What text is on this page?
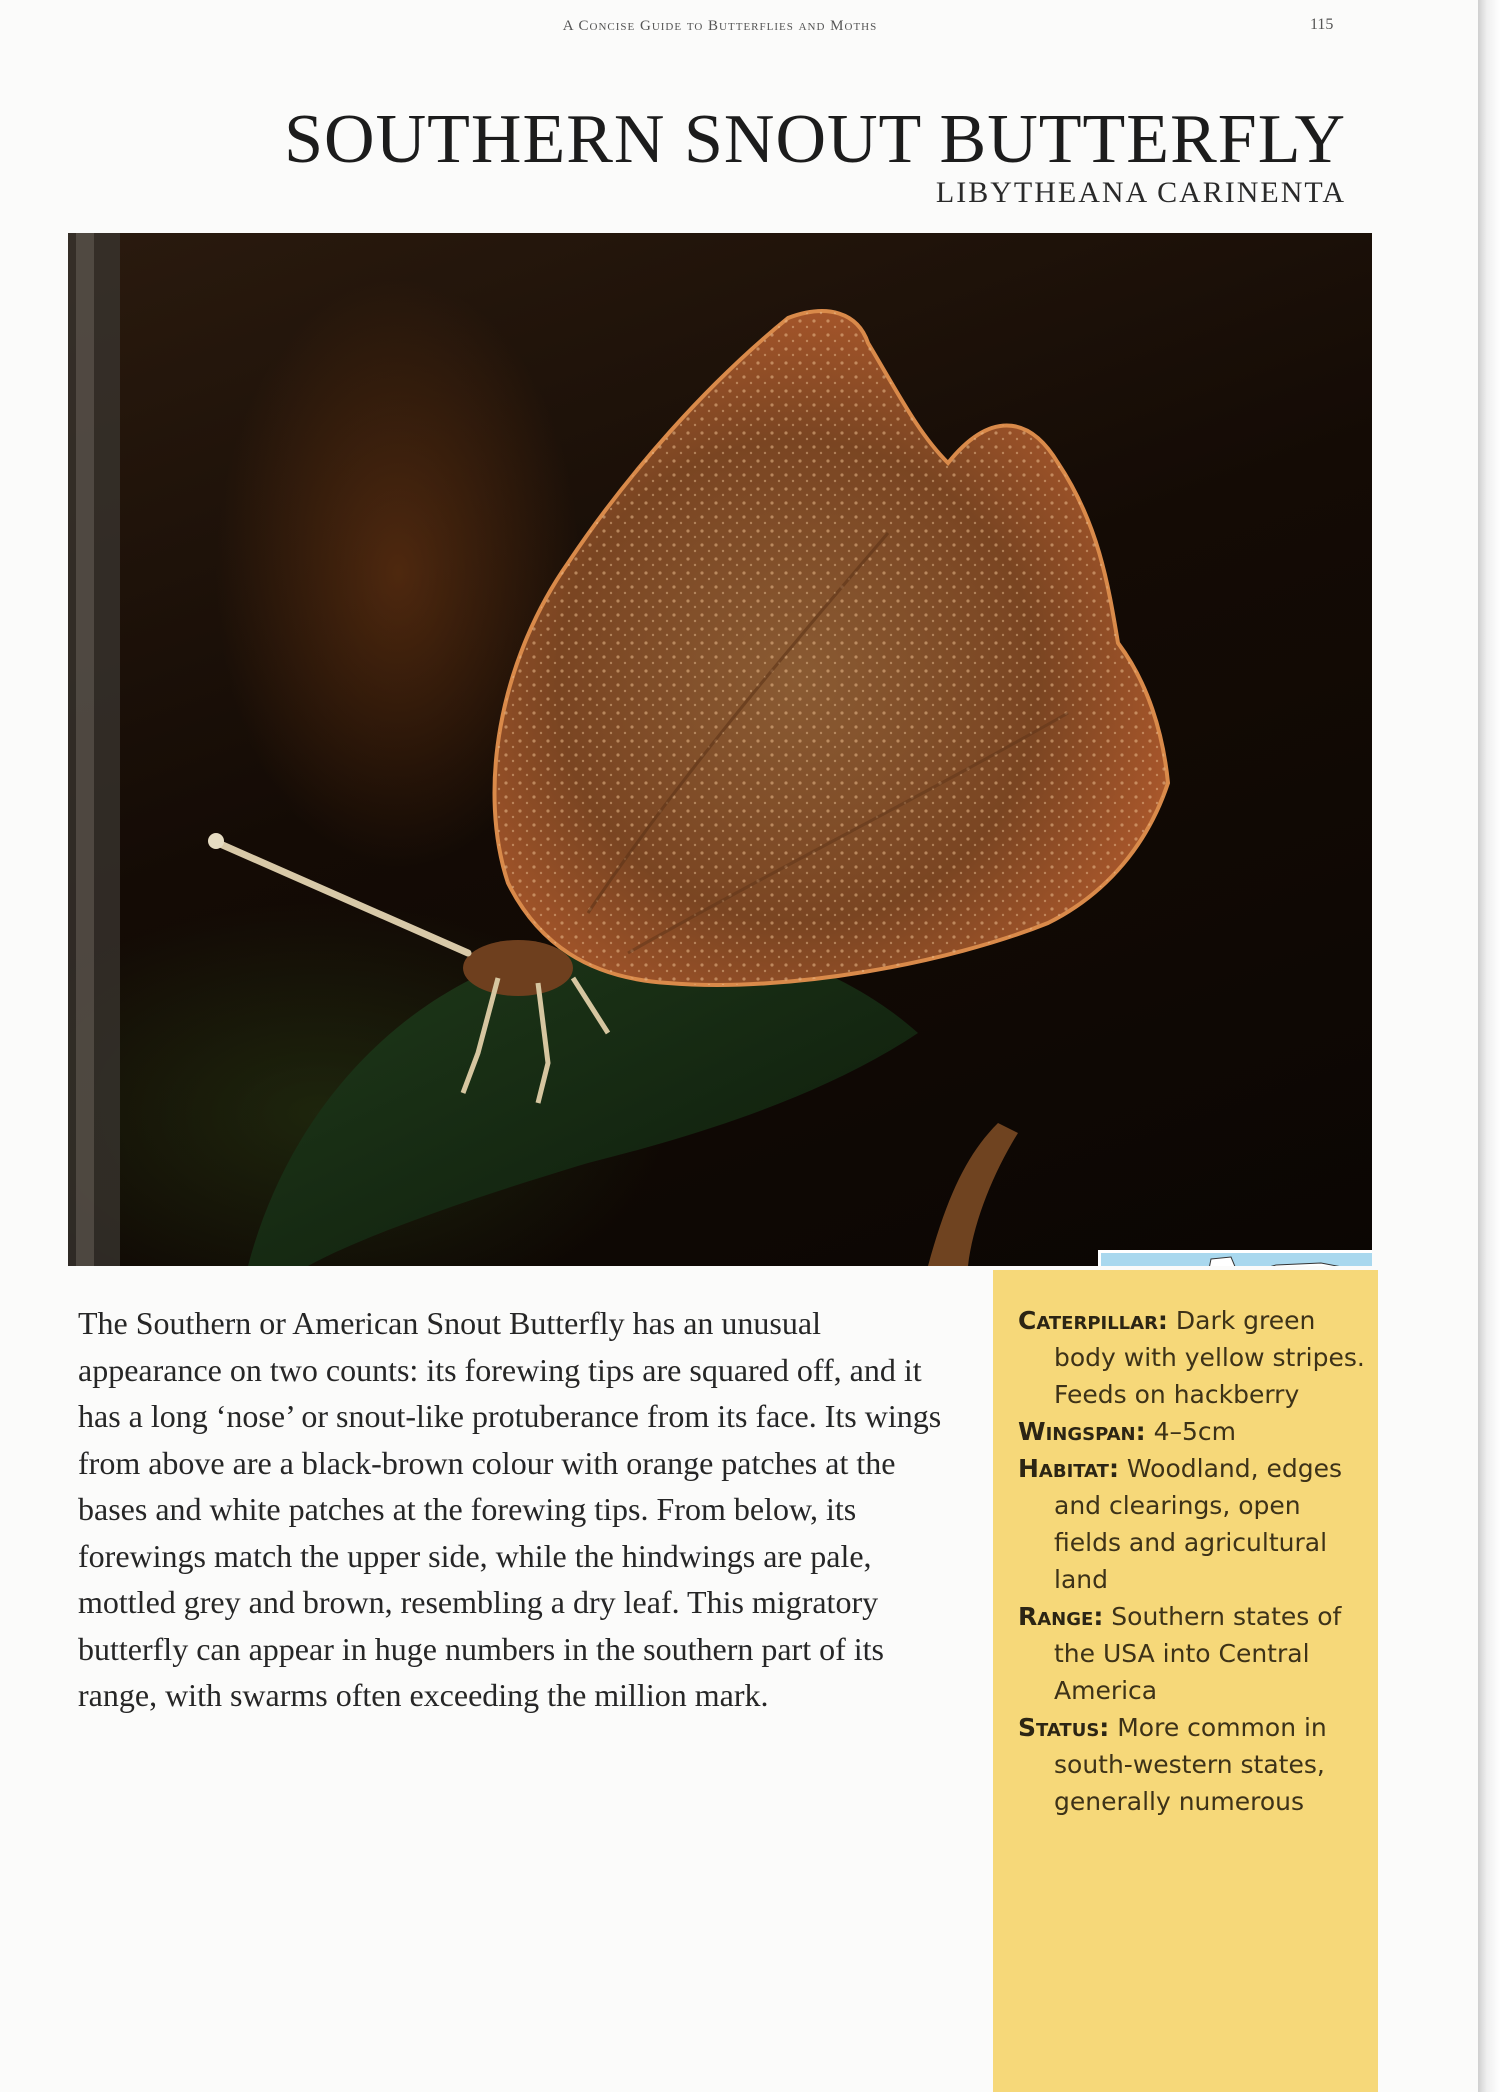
A Concise Guide to Butterflies and Moths	115
SOUTHERN SNOUT BUTTERFLY
LIBYTHEANA CARINENTA
The Southern or American Snout Butterfly has an unusual appearance on two counts: its forewing tips are squared off, and it has a long ‘nose’ or snout-like protuberance from its face. Its wings from above are a black-brown colour with orange patches at the bases and white patches at the forewing tips. From below, its forewings match the upper side, while the hindwings are pale, mottled grey and brown, resembling a dry leaf. This migratory butterfly can appear in huge numbers in the southern part of its range, with swarms often exceeding the million mark.
Caterpillar: Dark green body with yellow stripes. Feeds on hackberry
Wingspan: 4–5cm
Habitat: Woodland, edges and clearings, open fields and agricultural land
Range: Southern states of the USA into Central America
Status: More common in south-western states, generally numerous
